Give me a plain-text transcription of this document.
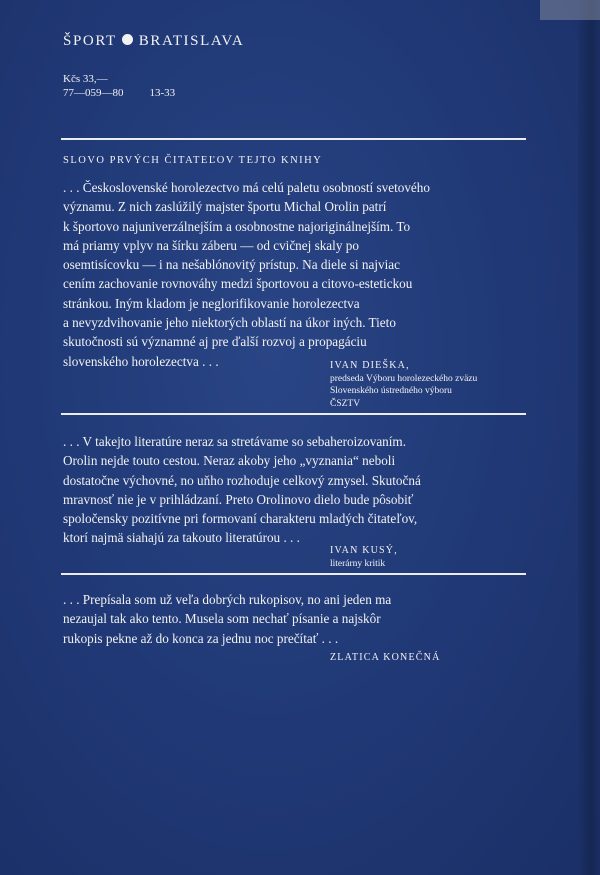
ŠPORT BRATISLAVA
Kčs 33,—
77—059—80 13-33
SLOVO PRVÝCH ČITATEĽOV TEJTO KNIHY
. . . Československé horolezectvo má celú paletu osobností svetového
významu. Z nich zaslúžilý majster športu Michal Orolin patrí
k športovo najuniverzálnejším a osobnostne najoriginálnejším. To
má priamy vplyv na šírku záberu — od cvičnej skaly po
osemtisícovku — i na nešablónovitý prístup. Na diele si najviac
cením zachovanie rovnováhy medzi športovou a citovo-estetickou
stránkou. Iným kladom je neglorifikovanie horolezectva
a nevyzdvihovanie jeho niektorých oblastí na úkor iných. Tieto
skutočnosti sú významné aj pre ďalší rozvoj a propagáciu
slovenského horolezectva . . .	IVAN DIEŠKA,
predseda Výboru horolezeckého zväzu
Slovenského ústredného výboru
ČSZTV
. . . V takejto literatúre neraz sa stretávame so sebaheroizovaním.
Orolin nejde touto cestou. Neraz akoby jeho „vyznania“ neboli
dostatočne výchovné, no uňho rozhoduje celkový zmysel. Skutočná
mravnosť nie je v prihládzaní. Preto Orolinovo dielo bude pôsobiť
spoločensky pozitívne pri formovaní charakteru mladých čitateľov,
ktorí najmä siahajú za takouto literatúrou . . .
IVAN KUSÝ,
literárny kritik
. . . Prepísala som už veľa dobrých rukopisov, no ani jeden ma
nezaujal tak ako tento. Musela som nechať písanie a najskôr
rukopis pekne až do konca za jednu noc prečítať . . .
ZLATICA KONEČNÁ
